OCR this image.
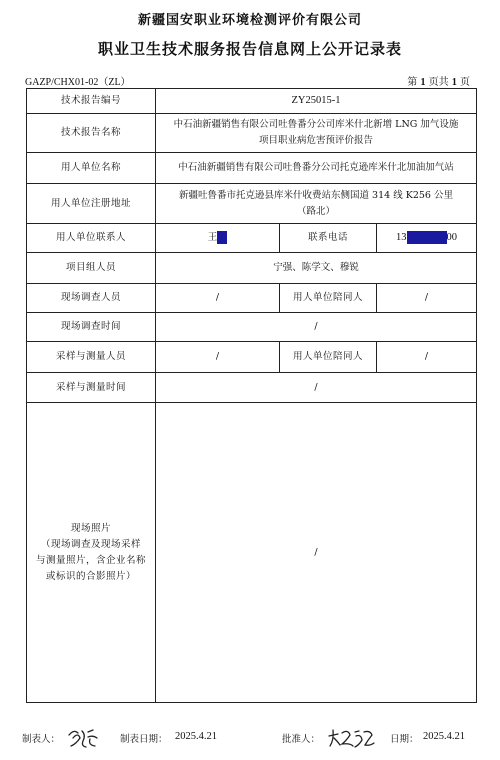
新疆国安职业环境检测评价有限公司
职业卫生技术服务报告信息网上公开记录表
GAZP/CHX01-02（ZL）	第 1 页共 1 页
技术报告编号	ZY25015-1		
技术报告名称	中石油新疆销售有限公司吐鲁番分公司库米什北新增 LNG 加气设施
项目职业病危害预评价报告		

用人单位名称	中石油新疆销售有限公司吐鲁番分公司托克逊库米什北加油加气站		
用人单位注册地址	新疆吐鲁番市托克逊县库米什收费站东侧国道 314 线 K256 公里
（路北）		

用人单位联系人	王	联系电话	13 00
项目组人员	宁强、陈学文、穆锐		
现场调查人员	/	用人单位陪同人	/
现场调查时间	/		
采样与测量人员	/	用人单位陪同人	/
采样与测量时间	/		

现场照片
（现场调查及现场采样
与测量照片，含企业名称
或标识的合影照片）	/		
制表人：	制表日期： 2025.4.21	批准人：	日期： 2025.4.21
